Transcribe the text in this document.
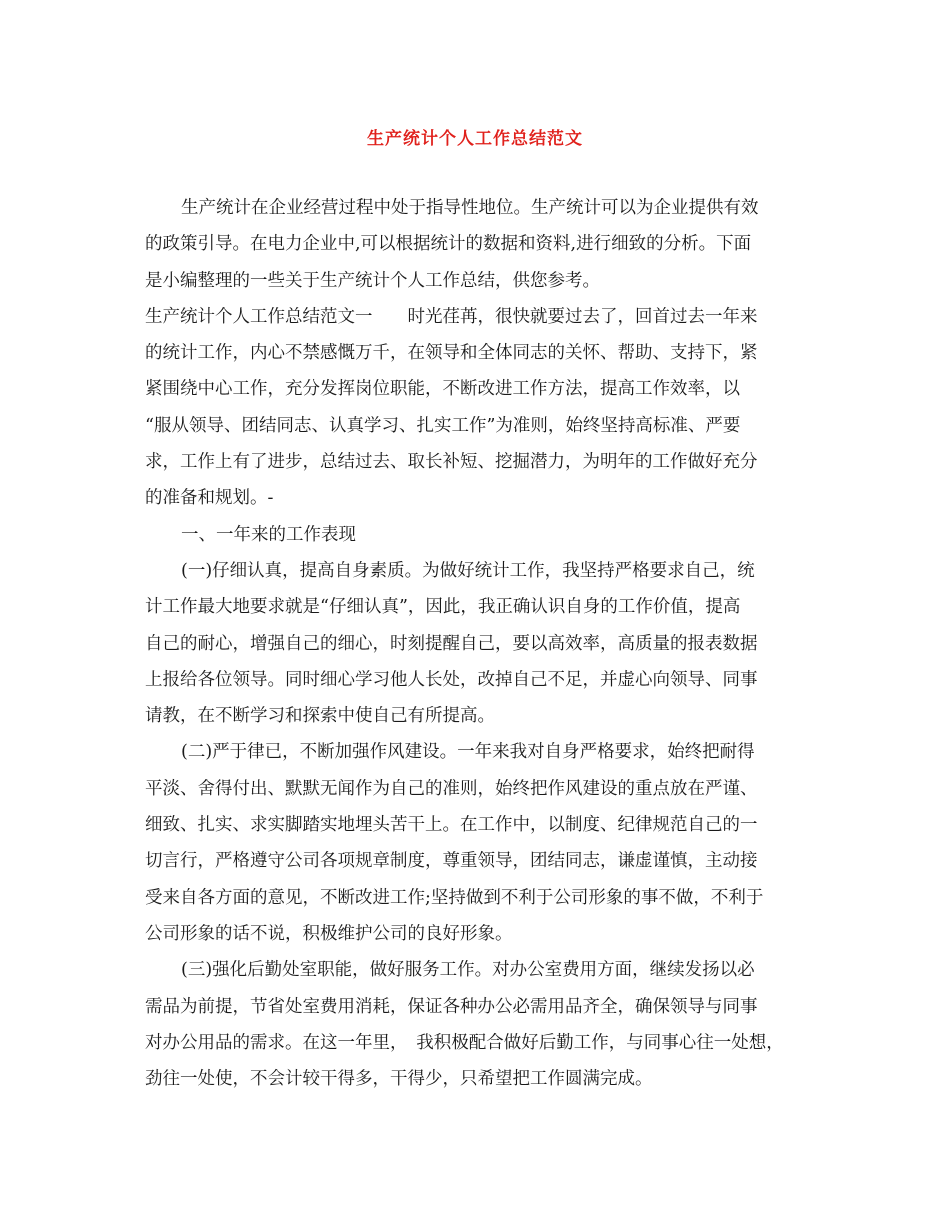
生产统计个人工作总结范文
生产统计在企业经营过程中处于指导性地位。生产统计可以为企业提供有效
的政策引导。在电力企业中,可以根据统计的数据和资料,进行细致的分析。下面
是小编整理的一些关于生产统计个人工作总结，供您参考。
生产统计个人工作总结范文一　　时光荏苒，很快就要过去了，回首过去一年来
的统计工作，内心不禁感慨万千，在领导和全体同志的关怀、帮助、支持下，紧
紧围绕中心工作，充分发挥岗位职能，不断改进工作方法，提高工作效率，以
“服从领导、团结同志、认真学习、扎实工作”为准则，始终坚持高标准、严要
求，工作上有了进步，总结过去、取长补短、挖掘潜力，为明年的工作做好充分
的准备和规划。-
一、一年来的工作表现
(一)仔细认真，提高自身素质。为做好统计工作，我坚持严格要求自己，统
计工作最大地要求就是“仔细认真”，因此，我正确认识自身的工作价值，提高
自己的耐心，增强自己的细心，时刻提醒自己，要以高效率，高质量的报表数据
上报给各位领导。同时细心学习他人长处，改掉自己不足，并虚心向领导、同事
请教，在不断学习和探索中使自己有所提高。
(二)严于律已，不断加强作风建设。一年来我对自身严格要求，始终把耐得
平淡、舍得付出、默默无闻作为自己的准则，始终把作风建设的重点放在严谨、
细致、扎实、求实脚踏实地埋头苦干上。在工作中，以制度、纪律规范自己的一
切言行，严格遵守公司各项规章制度，尊重领导，团结同志，谦虚谨慎，主动接
受来自各方面的意见，不断改进工作;坚持做到不利于公司形象的事不做，不利于
公司形象的话不说，积极维护公司的良好形象。
(三)强化后勤处室职能，做好服务工作。对办公室费用方面，继续发扬以必
需品为前提，节省处室费用消耗，保证各种办公必需用品齐全，确保领导与同事
对办公用品的需求。在这一年里，　我积极配合做好后勤工作，与同事心往一处想，
劲往一处使，不会计较干得多，干得少，只希望把工作圆满完成。
